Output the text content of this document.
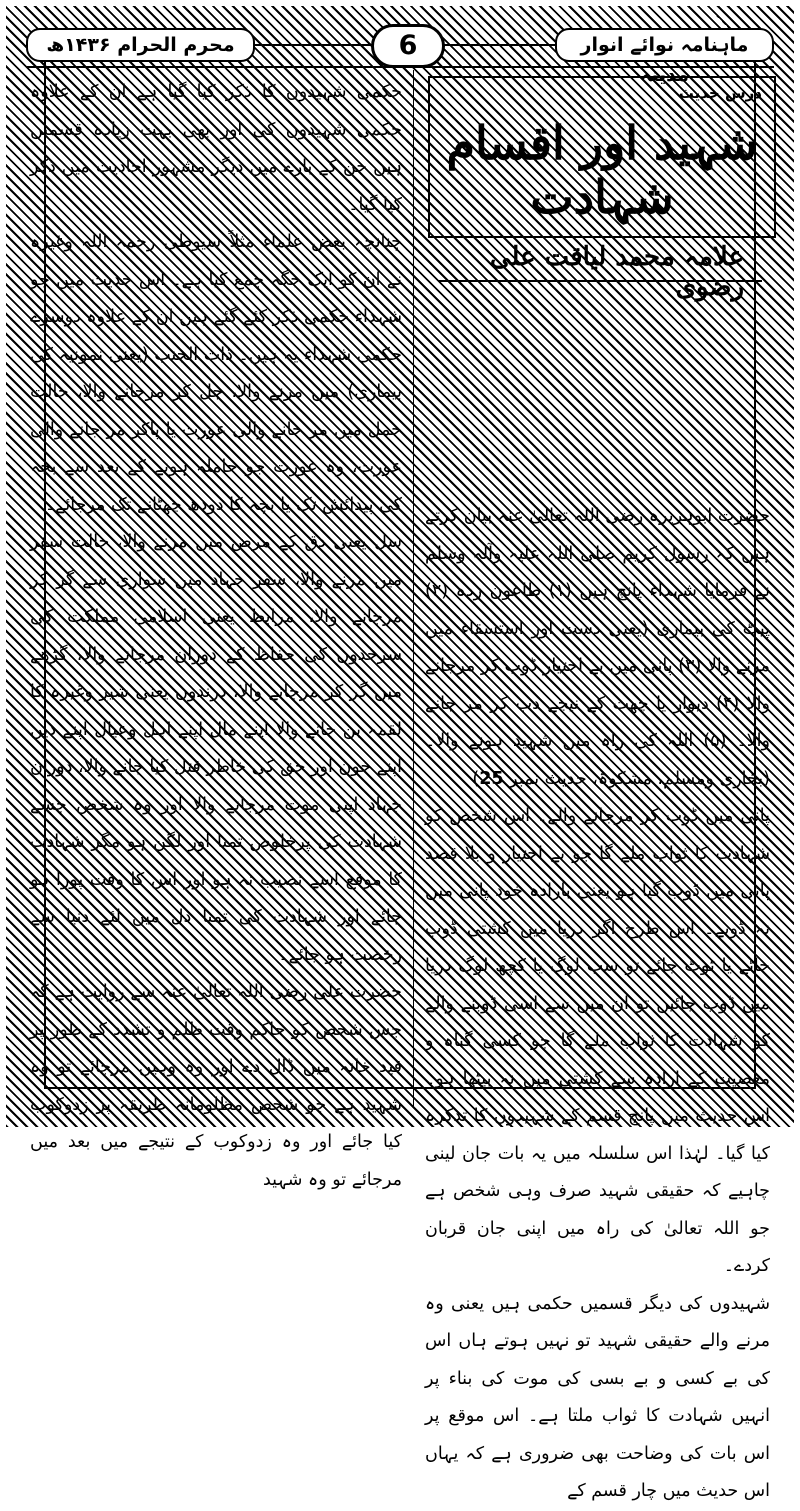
ماہنامہ نوائے انوار مدینہ
6
محرم الحرام ۱۴۳۶ھ
درس حدیث
شہید اور اقسام شہادت
علامہ محمد لیاقت علی رضوی

حضرت ابوہریرہ رضی اللہ تعالیٰ عنہ بیان کرتے ہیں کہ رسول کریم صلی اللہ علیہ وآلہ وسلم نے فرمایا شہداء پانچ ہیں (۱) طاعون زدہ (۲) پیٹ کی بیماری (یعنی دست اور استسقاء میں مرنے والا (۳) پانی میں بے اختیار ڈوب کر مرجانے والا (۴) دیوار یا چھت کے نیچے دب کر مر جانے والا۔ (۵) اللہ کی راہ میں شہید ہونے والا۔ (بخاری ومسلم، مشکوۃ، حدیث نمبر 25)

پانی میں ڈوب کر مرجانے والے۔ اس شخص کو شہادت کا ثواب ملے گا جو بے اختیار و بلا قصد پانی میں ڈوب گیا ہو یعنی بارادہ خود پانی میں نہ ڈوبے۔ اس طرح اگر دریا میں کشتی ڈوب جائے یا ٹوٹ جائے تو سب لوگ یا کچھ لوگ دریا میں ڈوب جائیں تو ان میں سے اسی ڈوبنے والے کو شہادت کا ثواب ملے گا جو کسی گناہ و معصیت کے ارادہ سے کشتی میں نہ بیٹھا ہو۔ اس حدیث میں پانچ قسم کے شہیدوں کا تذکرہ کیا گیا۔ لہٰذا اس سلسلہ میں یہ بات جان لینی چاہیے کہ حقیقی شہید صرف وہی شخص ہے جو اللہ تعالیٰ کی راہ میں اپنی جان قربان کردے۔

شہیدوں کی دیگر قسمیں حکمی ہیں یعنی وہ مرنے والے حقیقی شہید تو نہیں ہوتے ہاں اس کی بے کسی و بے بسی کی موت کی بناء پر انہیں شہادت کا ثواب ملتا ہے۔ اس موقع پر اس بات کی وضاحت بھی ضروری ہے کہ یہاں اس حدیث میں چار قسم کے

حکمی شہیدوں کا ذکر کیا گیا ہے ان کے علاوہ حکمی شہیدوں کی اور بھی بہت زیادہ قسمیں ہیں جن کے بارے میں دیگر مشہور احادیث میں ذکر کیا گیا۔

چنانچہ بعض علماء مثلاً سیوطی رحمہ اللہ وغیرہ نے ان کو ایک جگہ جمع کیا ہے۔ اس حدیث میں جو شہداء حکمی ذکر کئے گئے ہیں ان کے علاوہ دوسرے حکمی شہداء یہ ہیں۔ ذات الجنب (یعنی نمونیہ کی بیماری) میں مرنے والا، جل کر مرجانے والا، حالت حمل میں مر جانے والی عورت یا پاکر مر جانے والی عورت، وہ عورت جو حاملہ ہونے کے بعد سے بچہ کی پیدائش تک یا بچہ کا دودھ چھٹانے تک مرجائے۔

سل یعنی دق کے مرض میں مرنے والا، حالت سفر میں مرنے والا، سفر جہاد میں سواری سے گر کر مرجانے والا، مرابط یعنی اسلامی مملکت کی سرحدوں کی حفاظ کے دوران مرجانے والا، گڑھے میں گر کر مرجانے والا، درندوں یعنی شیر وغیرہ کا لقمہ بن جانے والا اپنے مال اپنے اہل وعیال اپنے دین اپنے خون اور حق کی خاطر قتل کیا جانے والا، دوران جہاد اپنی موت مرجانے والا اور وہ شخص جسے شہادت کی پرخلوص تمنا اور لگن ہو مگر شہادت کا موقع اسے نصیب نہ ہو اور اس کا وقت پورا ہو جائے اور شہادت کی تمنا دل میں لئے دنیا سے رخصت ہو جائے۔

حضرت علی رضی اللہ تعالیٰ عنہ سے روایت ہے کہ جس شخص کو حاکم وقت ظلم و تشدد کے طور پر قید خانہ میں ڈال دے اور وہ وہیں مرجائے تو وہ شہید ہے جو شخص مظلومانہ طریقہ پر زدوکوب کیا جائے اور وہ زدوکوب کے نتیجے میں بعد میں مرجائے تو وہ شہید
